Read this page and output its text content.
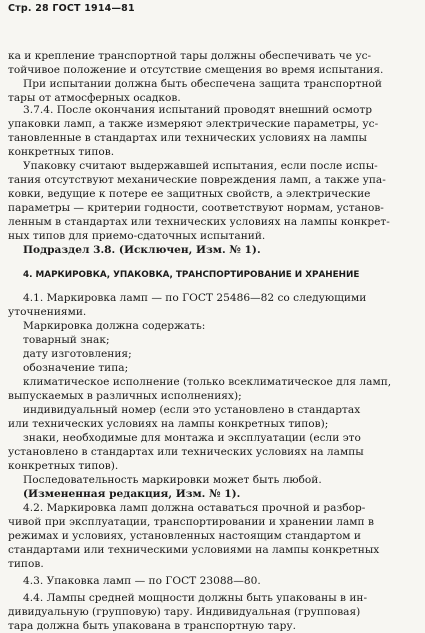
Стр. 28 ГОСТ 1914—81
ка и крепление транспортной тары должны обеспечивать че ус-
тойчивое положение и отсутствие смещения во время испытания.
При испытании должна быть обеспечена защита транспортной
тары от атмосферных осадков.
3.7.4. После окончания испытаний проводят внешний осмотр
упаковки ламп, а также измеряют электрические параметры, ус-
тановленные в стандартах или технических условиях на лампы
конкретных типов.
Упаковку считают выдержавшей испытания, если после испы-
тания отсутствуют механические повреждения ламп, а также упа-
ковки, ведущие к потере ее защитных свойств, а электрические
параметры — критерии годности, соответствуют нормам, установ-
ленным в стандартах или технических условиях на лампы конкрет-
ных типов для приемо-сдаточных испытаний.
Подраздел 3.8. (Исключен, Изм. № 1).
4. МАРКИРОВКА, УПАКОВКА, ТРАНСПОРТИРОВАНИЕ И ХРАНЕНИЕ
4.1. Маркировка ламп — по ГОСТ 25486—82 со следующими
уточнениями.
Маркировка должна содержать:
товарный знак;
дату изготовления;
обозначение типа;
климатическое исполнение (только всеклиматическое для ламп,
выпускаемых в различных исполнениях);
индивидуальный номер (если это установлено в стандартах
или технических условиях на лампы конкретных типов);
знаки, необходимые для монтажа и эксплуатации (если это
установлено в стандартах или технических условиях на лампы
конкретных типов).
Последовательность маркировки может быть любой.
(Измененная редакция, Изм. № 1).
4.2. Маркировка ламп должна оставаться прочной и разбор-
чивой при эксплуатации, транспортировании и хранении ламп в
режимах и условиях, установленных настоящим стандартом и
стандартами или техническими условиями на лампы конкретных
типов.
4.3. Упаковка ламп — по ГОСТ 23088—80.
4.4. Лампы средней мощности должны быть упакованы в ин-
дивидуальную (групповую) тару. Индивидуальная (групповая)
тара должна быть упакована в транспортную тару.
